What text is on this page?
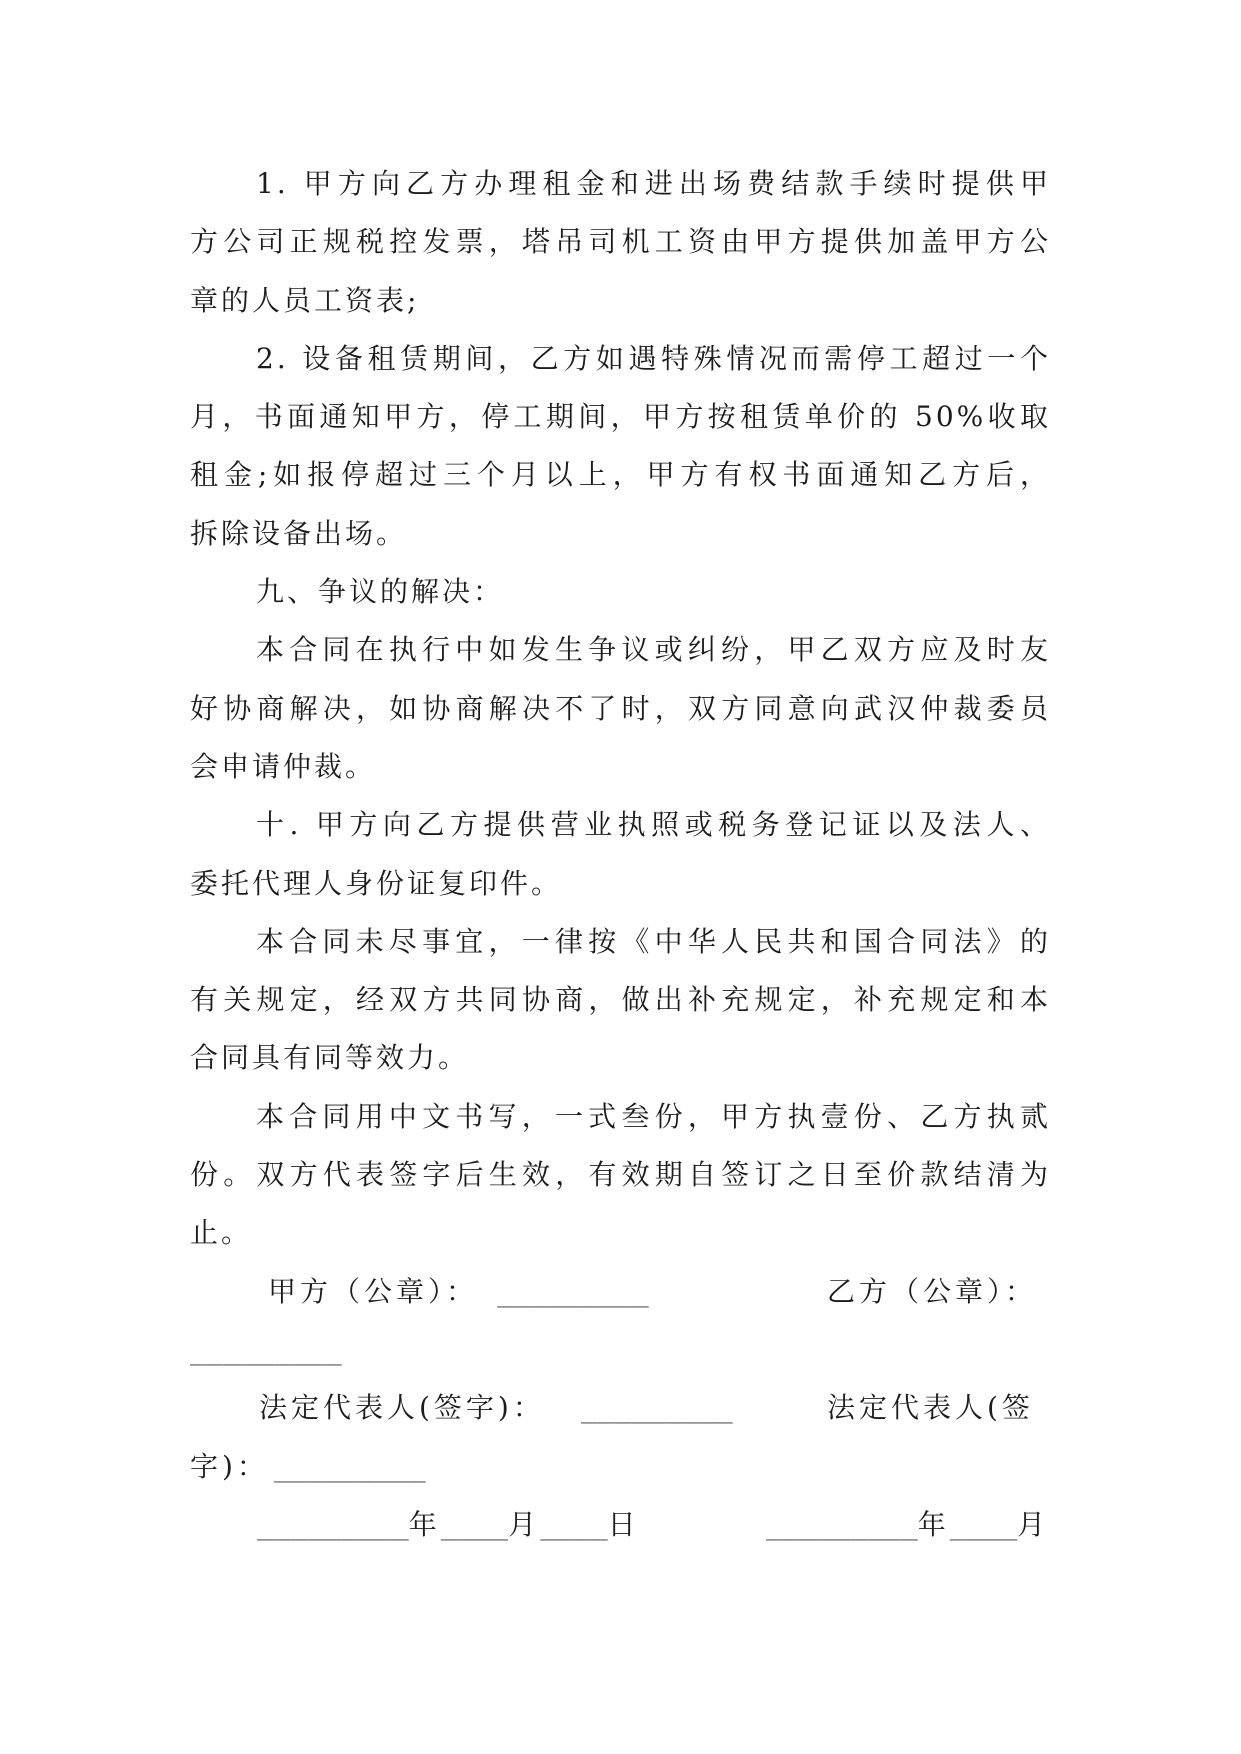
1. 甲方向乙方办理租金和进出场费结款手续时提供甲
方公司正规税控发票，塔吊司机工资由甲方提供加盖甲方公
章的人员工资表;
2. 设备租赁期间，乙方如遇特殊情况而需停工超过一个
月，书面通知甲方，停工期间，甲方按租赁单价的 50%收取
租金;如报停超过三个月以上，甲方有权书面通知乙方后，
拆除设备出场。
九、争议的解决：
本合同在执行中如发生争议或纠纷，甲乙双方应及时友
好协商解决，如协商解决不了时，双方同意向武汉仲裁委员
会申请仲裁。
十. 甲方向乙方提供营业执照或税务登记证以及法人、
委托代理人身份证复印件。
本合同未尽事宜，一律按《中华人民共和国合同法》的
有关规定，经双方共同协商，做出补充规定，补充规定和本
合同具有同等效力。
本合同用中文书写，一式叁份，甲方执壹份、乙方执贰
份。双方代表签字后生效，有效期自签订之日至价款结清为
止。
甲方（公章）： _________	乙方（公章）：
_________
法定代表人(签字)： _________	法定代表人(签
字)： _________
_________年____月____日	_________年____月
